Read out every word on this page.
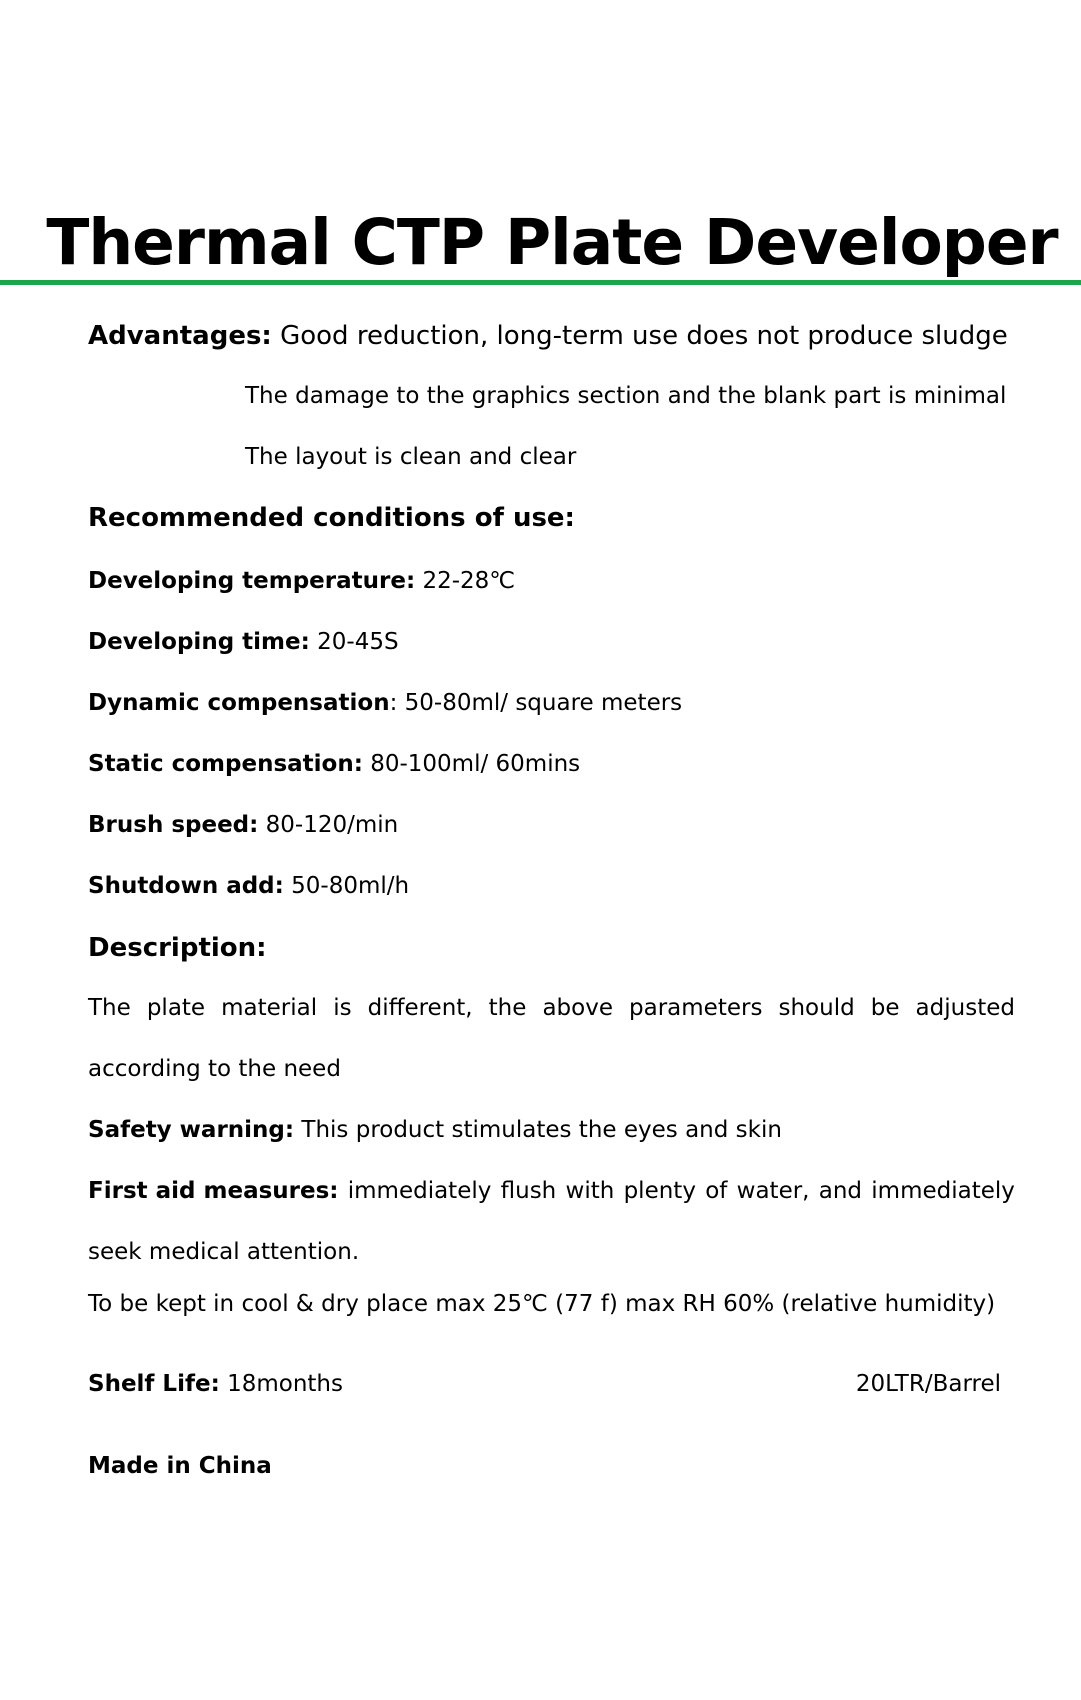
Thermal CTP Plate Developer
Advantages: Good reduction, long-term use does not produce sludge
The damage to the graphics section and the blank part is minimal
The layout is clean and clear
Recommended conditions of use:
Developing temperature: 22-28℃
Developing time: 20-45S
Dynamic compensation: 50-80ml/ square meters
Static compensation: 80-100ml/ 60mins
Brush speed: 80-120/min
Shutdown add: 50-80ml/h
Description:
The plate material is different, the above parameters should be adjusted
according to the need
Safety warning: This product stimulates the eyes and skin
First aid measures: immediately flush with plenty of water, and immediately
seek medical attention.
To be kept in cool & dry place max 25℃ (77 f) max RH 60% (relative humidity)
Shelf Life: 18months	20LTR/Barrel
Made in China
